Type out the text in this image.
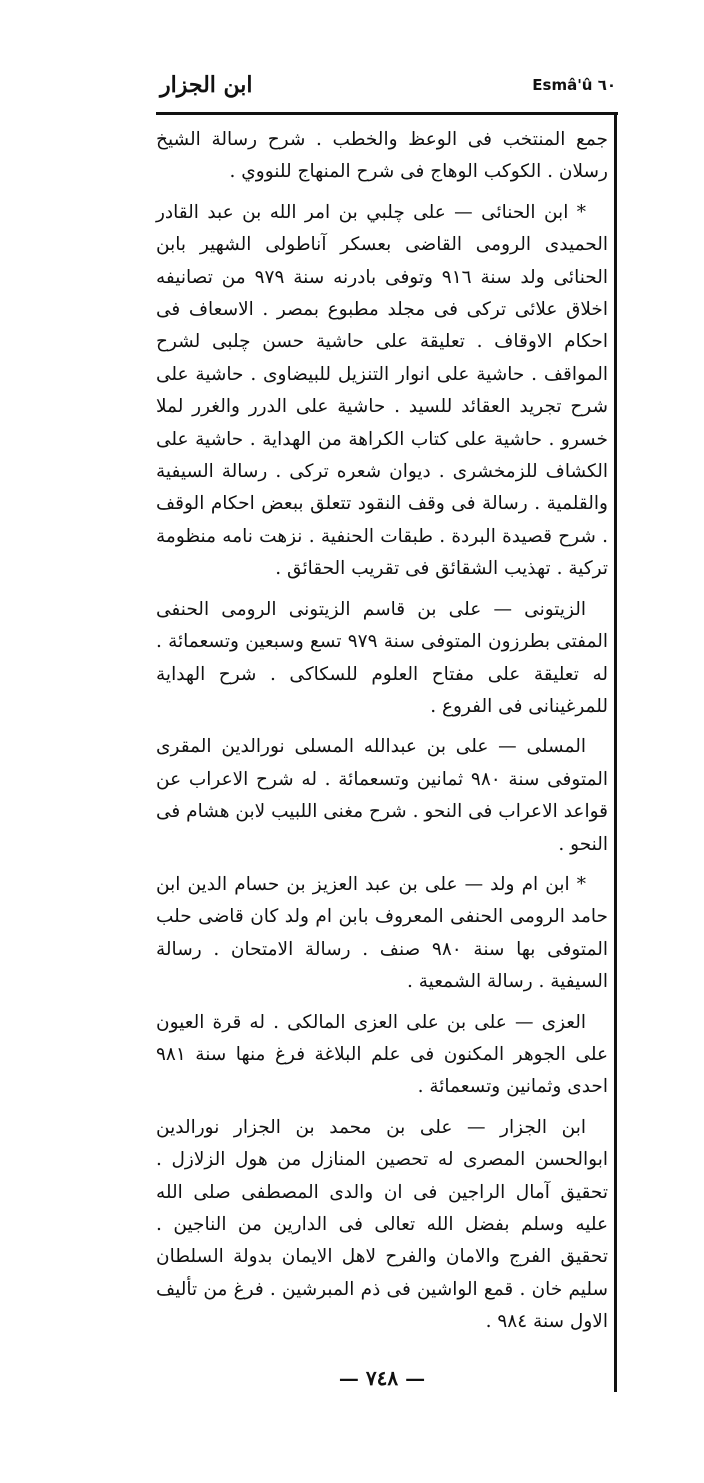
Esmâ'û ٦٠
ابن الجزار

جمع المنتخب فى الوعظ والخطب . شرح رسالة الشيخ رسلان . الكوكب الوهاج فى شرح المنهاج للنووي .

* ابن الحنائى — على چلبي بن امر الله بن عبد القادر الحميدى الرومى القاضى بعسكر آناطولى الشهير بابن الحنائى ولد سنة ٩١٦ وتوفى بادرنه سنة ٩٧٩ من تصانيفه اخلاق علائى تركى فى مجلد مطبوع بمصر . الاسعاف فى احكام الاوقاف . تعليقة على حاشية حسن چلبى لشرح المواقف . حاشية على انوار التنزيل للبيضاوى . حاشية على شرح تجريد العقائد للسيد . حاشية على الدرر والغرر لملا خسرو . حاشية على كتاب الكراهة من الهداية . حاشية على الكشاف للزمخشرى . ديوان شعره تركى . رسالة السيفية والقلمية . رسالة فى وقف النقود تتعلق ببعض احكام الوقف . شرح قصيدة البردة . طبقات الحنفية . نزهت نامه منظومة تركية . تهذيب الشقائق فى تقريب الحقائق .

الزيتونى — على بن قاسم الزيتونى الرومى الحنفى المفتى بطرزون المتوفى سنة ٩٧٩ تسع وسبعين وتسعمائة . له تعليقة على مفتاح العلوم للسكاكى . شرح الهداية للمرغينانى فى الفروع .

المسلى — على بن عبدالله المسلى نورالدين المقرى المتوفى سنة ٩٨٠ ثمانين وتسعمائة . له شرح الاعراب عن قواعد الاعراب فى النحو . شرح مغنى اللبيب لابن هشام فى النحو .

* ابن ام ولد — على بن عبد العزيز بن حسام الدين ابن حامد الرومى الحنفى المعروف بابن ام ولد كان قاضى حلب المتوفى بها سنة ٩٨٠ صنف . رسالة الامتحان . رسالة السيفية . رسالة الشمعية .

العزى — على بن على العزى المالكى . له قرة العيون على الجوهر المكنون فى علم البلاغة فرغ منها سنة ٩٨١ احدى وثمانين وتسعمائة .

ابن الجزار — على بن محمد بن الجزار نورالدين ابوالحسن المصرى له تحصين المنازل من هول الزلازل . تحقيق آمال الراجين فى ان والدى المصطفى صلى الله عليه وسلم بفضل الله تعالى فى الدارين من الناجين . تحقيق الفرج والامان والفرح لاهل الايمان بدولة السلطان سليم خان . قمع الواشين فى ذم المبرشين . فرغ من تأليف الاول سنة ٩٨٤ .

— ٧٤٨ —
